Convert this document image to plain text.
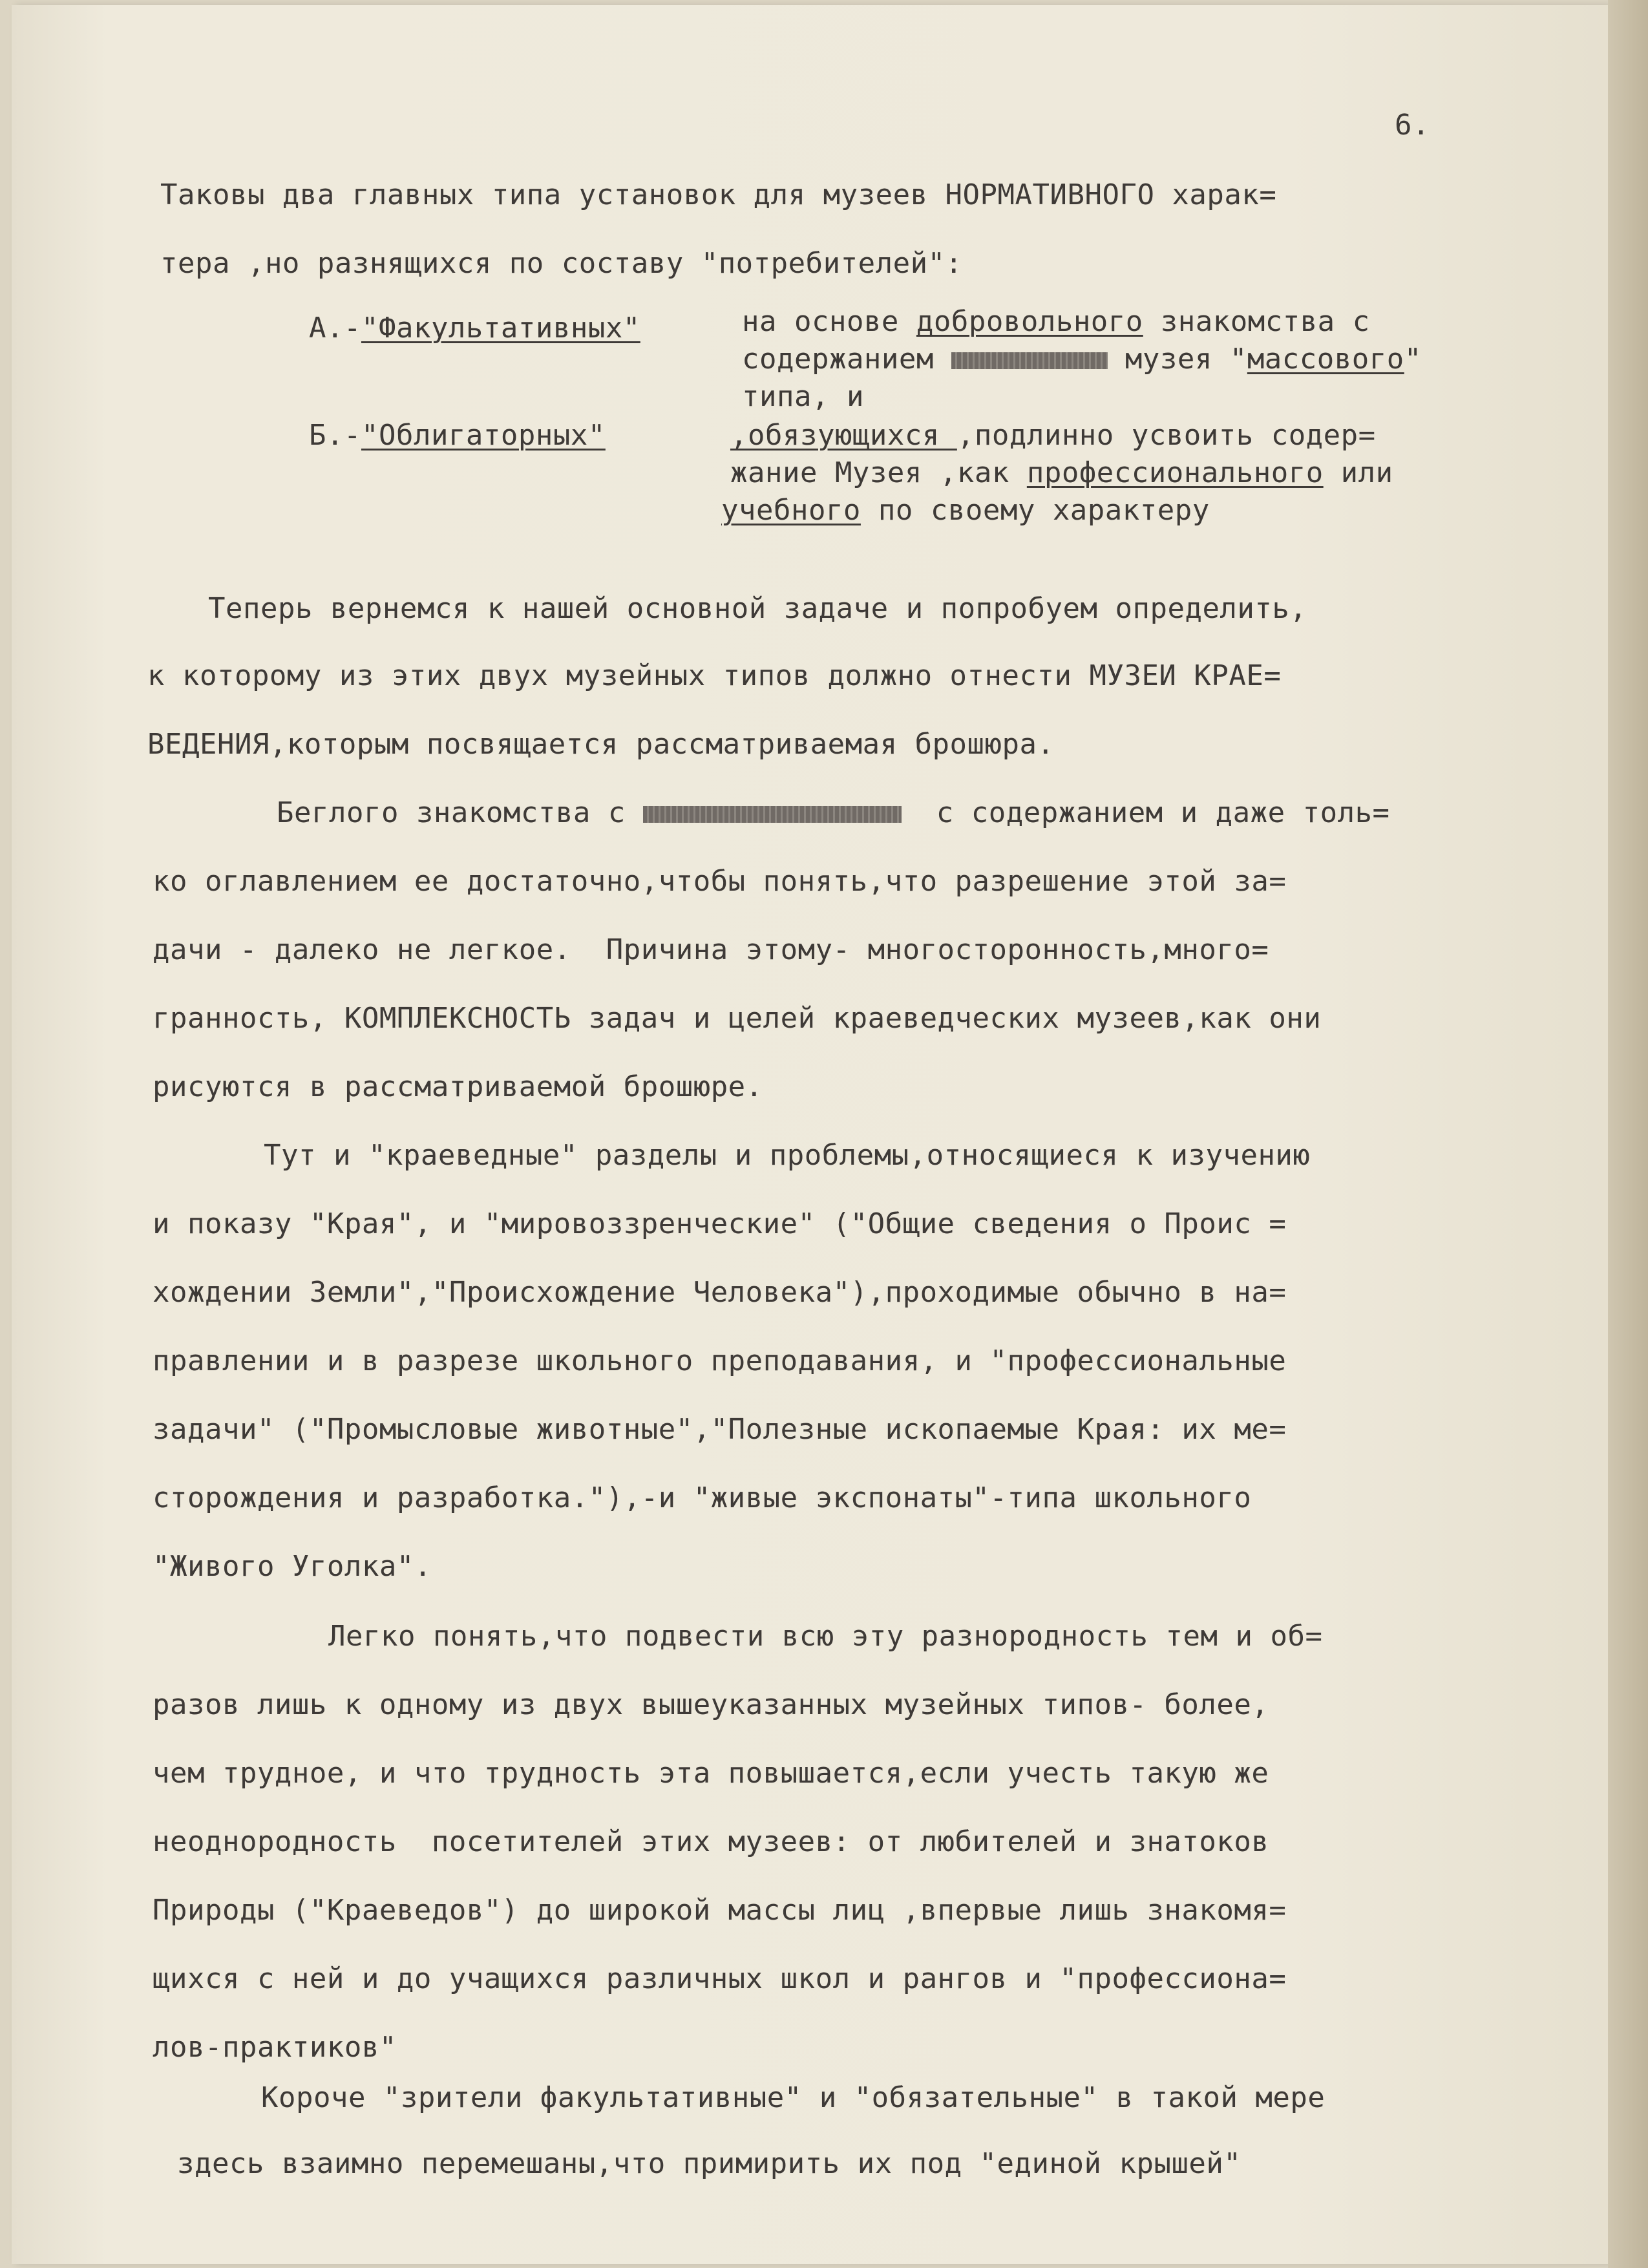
6.
Таковы два главных типа установок для музеев НОРМАТИВНОГО харак=
тера ,но разнящихся по составу "потребителей":
А.-"Факультативных"	на основе добровольного знакомства с
содержанием	музея "массового"
типа, и
Б.-"Облигаторных"	,обязующихся ,подлинно усвоить содер=
жание Музея ,как профессионального или
учебного по своему характеру
Теперь вернемся к нашей основной задаче и попробуем определить,
к которому из этих двух музейных типов должно отнести МУЗЕИ КРАЕ=
ВЕДЕНИЯ,которым посвящается рассматриваемая брошюра.
Беглого знакомства с	с содержанием и даже толь=
ко оглавлением ее достаточно,чтобы понять,что разрешение этой за=
дачи - далеко не легкое.  Причина этому- многосторонность,много=
гранность, КОМПЛЕКСНОСТЬ задач и целей краеведческих музеев,как они
рисуются в рассматриваемой брошюре.
Тут и "краеведные" разделы и проблемы,относящиеся к изучению
и показу "Края", и "мировоззренческие" ("Общие сведения о Проис =
хождении Земли","Происхождение Человека"),проходимые обычно в на=
правлении и в разрезе школьного преподавания, и "профессиональные
задачи" ("Промысловые животные","Полезные ископаемые Края: их ме=
сторождения и разработка."),-и "живые экспонаты"-типа школьного
"Живого Уголка".
Легко понять,что подвести всю эту разнородность тем и об=
разов лишь к одному из двух вышеуказанных музейных типов- более,
чем трудное, и что трудность эта повышается,если учесть такую же
неоднородность  посетителей этих музеев: от любителей и знатоков
Природы ("Краеведов") до широкой массы лиц ,впервые лишь знакомя=
щихся с ней и до учащихся различных школ и рангов и "профессиона=
лов-практиков"
Короче "зрители факультативные" и "обязательные" в такой мере
здесь взаимно перемешаны,что примирить их под "единой крышей"
